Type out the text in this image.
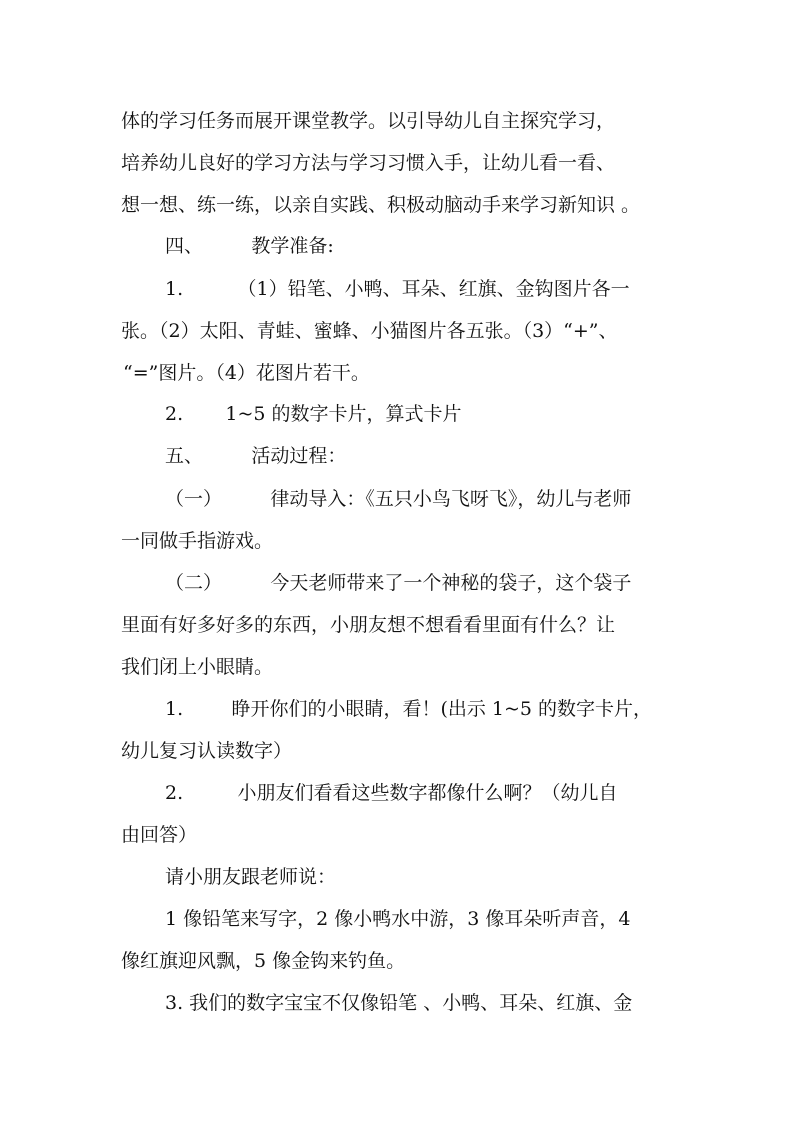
体的学习任务而展开课堂教学。以引导幼儿自主探究学习，
培养幼儿良好的学习方法与学习习惯入手，让幼儿看一看、
想一想、练一练，以亲自实践、积极动脑动手来学习新知识 。
四、        教学准备:
1.         （1）铅笔、小鸭、耳朵、红旗、金钩图片各一
张。（2）太阳、青蛙、蜜蜂、小猫图片各五张。（3）“+”、
“=”图片。（4）花图片若干。
2.       1~5 的数字卡片，算式卡片
五、        活动过程：
（一）        律动导入：《五只小鸟飞呀飞》，幼儿与老师
一同做手指游戏。
（二）        今天老师带来了一个神秘的袋子，这个袋子
里面有好多好多的东西，小朋友想不想看看里面有什么？让
我们闭上小眼睛。
1.        睁开你们的小眼睛，看！(出示 1~5 的数字卡片，
幼儿复习认读数字）
2.         小朋友们看看这些数字都像什么啊？（幼儿自
由回答）
请小朋友跟老师说：
1 像铅笔来写字，2 像小鸭水中游，3 像耳朵听声音，4
像红旗迎风飘，5 像金钩来钓鱼。
3. 我们的数字宝宝不仅像铅笔 、小鸭、耳朵、红旗、金
